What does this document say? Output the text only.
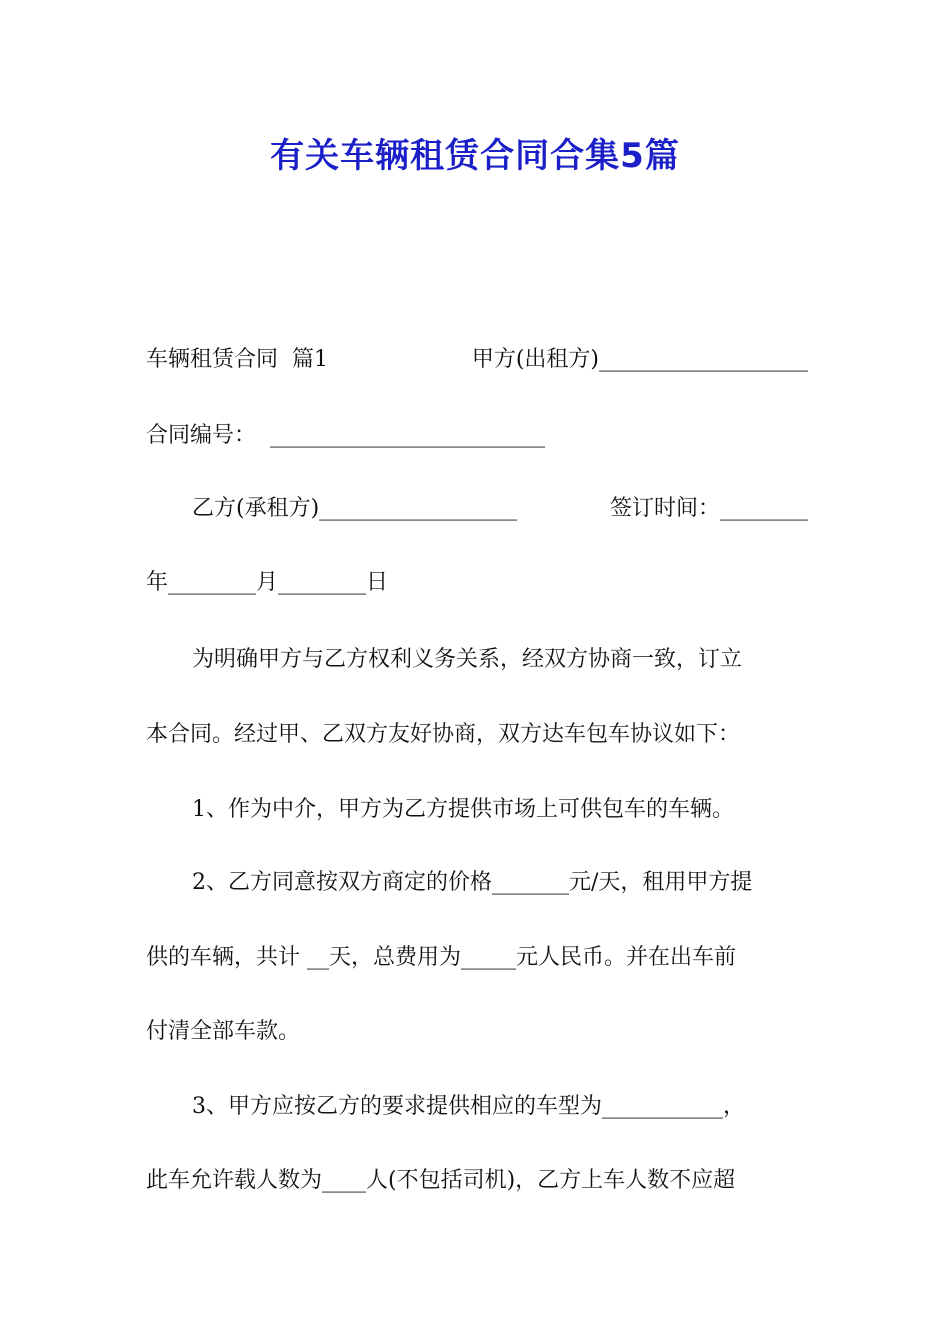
有关车辆租赁合同合集5篇
车辆租赁合同  篇1	甲方(出租方)___________________
合同编号：  _________________________
乙方(承租方)__________________	签订时间：________
年________月________日
为明确甲方与乙方权利义务关系，经双方协商一致，订立
本合同。经过甲、乙双方友好协商，双方达车包车协议如下：
1、作为中介，甲方为乙方提供市场上可供包车的车辆。
2、乙方同意按双方商定的价格_______元/天，租用甲方提
供的车辆，共计 __天，总费用为_____元人民币。并在出车前
付清全部车款。
3、甲方应按乙方的要求提供相应的车型为___________，
此车允许载人数为____人(不包括司机)，乙方上车人数不应超
